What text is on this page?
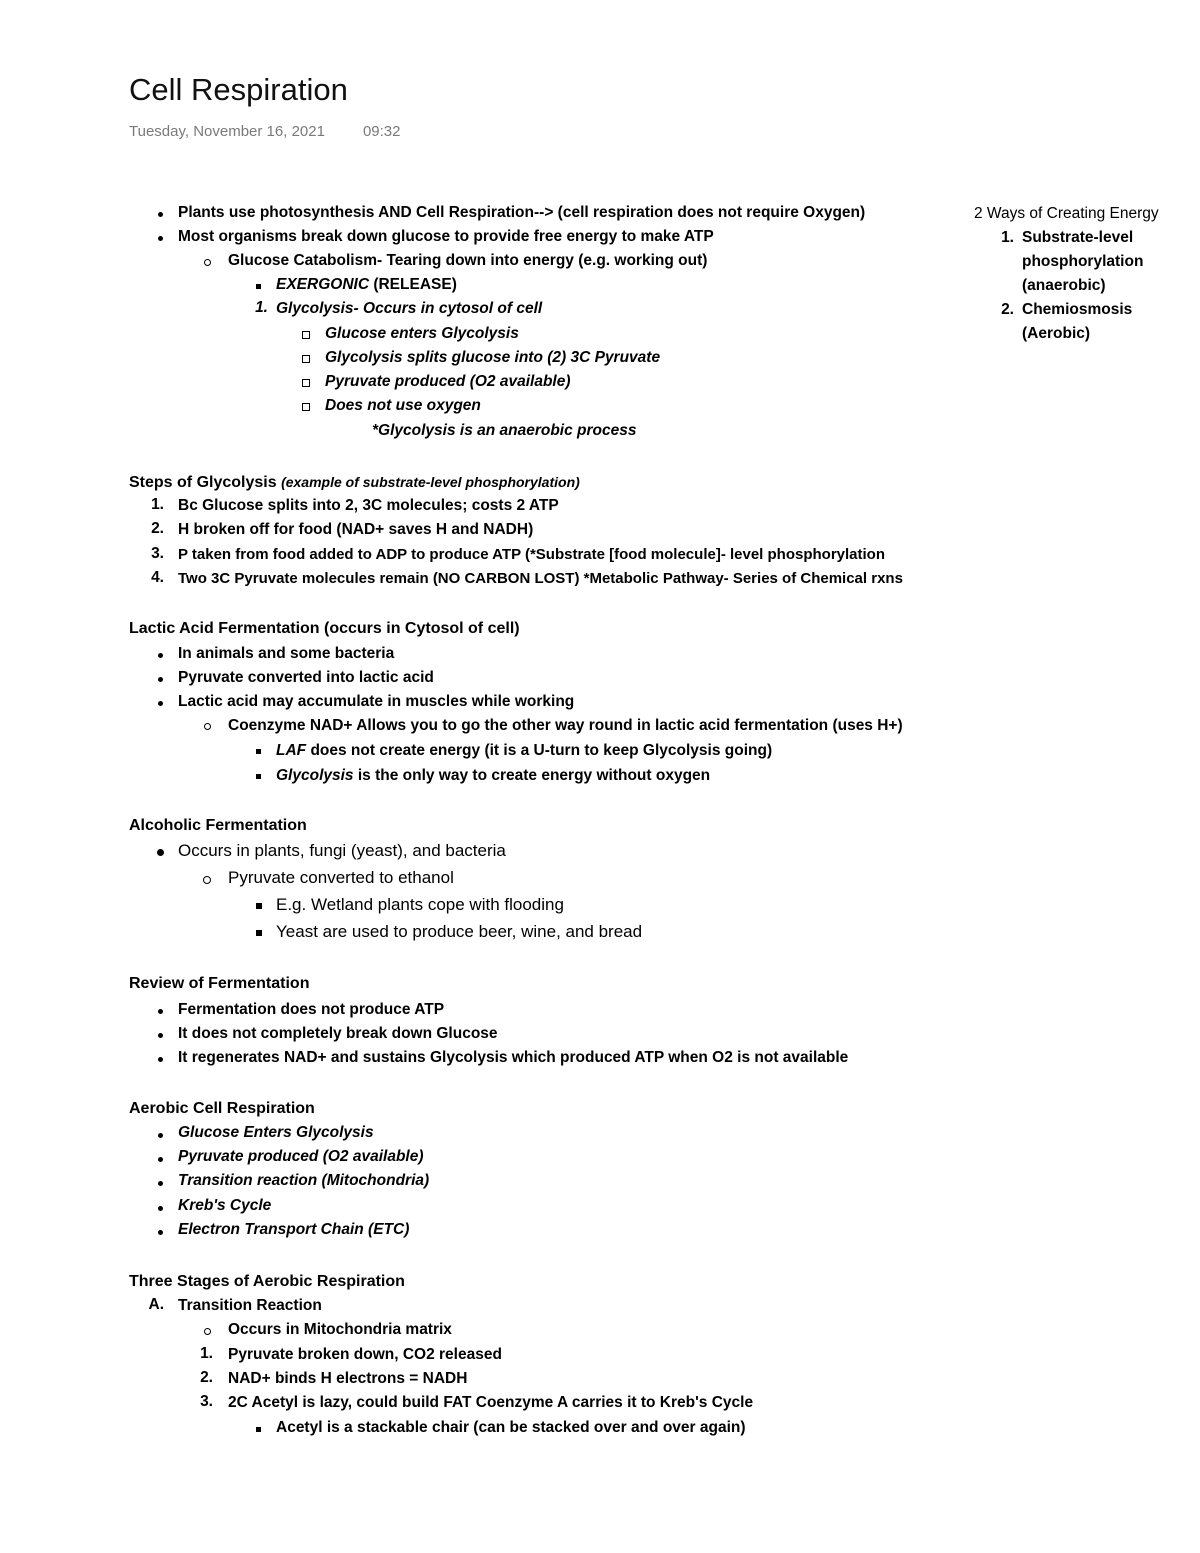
Cell Respiration
Tuesday, November 16, 2021	09:32
2 Ways of Creating Energy
1. Substrate-level phosphorylation (anaerobic)
2. Chemiosmosis (Aerobic)
Plants use photosynthesis AND Cell Respiration--> (cell respiration does not require Oxygen)
Most organisms break down glucose to provide free energy to make ATP
Glucose Catabolism- Tearing down into energy (e.g. working out)
EXERGONIC (RELEASE)
1. Glycolysis- Occurs in cytosol of cell
Glucose enters Glycolysis
Glycolysis splits glucose into (2) 3C Pyruvate
Pyruvate produced (O2 available)
Does not use oxygen
*Glycolysis is an anaerobic process
Steps of Glycolysis (example of substrate-level phosphorylation)
1. Bc Glucose splits into 2, 3C molecules; costs 2 ATP
2. H broken off for food (NAD+ saves H and NADH)
3. P taken from food added to ADP to produce ATP (*Substrate [food molecule]- level phosphorylation
4. Two 3C Pyruvate molecules remain (NO CARBON LOST) *Metabolic Pathway- Series of Chemical rxns
Lactic Acid Fermentation (occurs in Cytosol of cell)
In animals and some bacteria
Pyruvate converted into lactic acid
Lactic acid may accumulate in muscles while working
Coenzyme NAD+ Allows you to go the other way round in lactic acid fermentation (uses H+)
LAF does not create energy (it is a U-turn to keep Glycolysis going)
Glycolysis is the only way to create energy without oxygen
Alcoholic Fermentation
Occurs in plants, fungi (yeast), and bacteria
Pyruvate converted to ethanol
E.g. Wetland plants cope with flooding
Yeast are used to produce beer, wine, and bread
Review of Fermentation
Fermentation does not produce ATP
It does not completely break down Glucose
It regenerates NAD+ and sustains Glycolysis which produced ATP when O2 is not available
Aerobic Cell Respiration
Glucose Enters Glycolysis
Pyruvate produced (O2 available)
Transition reaction (Mitochondria)
Kreb's Cycle
Electron Transport Chain (ETC)
Three Stages of Aerobic Respiration
A. Transition Reaction
Occurs in Mitochondria matrix
1. Pyruvate broken down, CO2 released
2. NAD+ binds H electrons = NADH
3. 2C Acetyl is lazy, could build FAT Coenzyme A carries it to Kreb's Cycle
Acetyl is a stackable chair (can be stacked over and over again)
